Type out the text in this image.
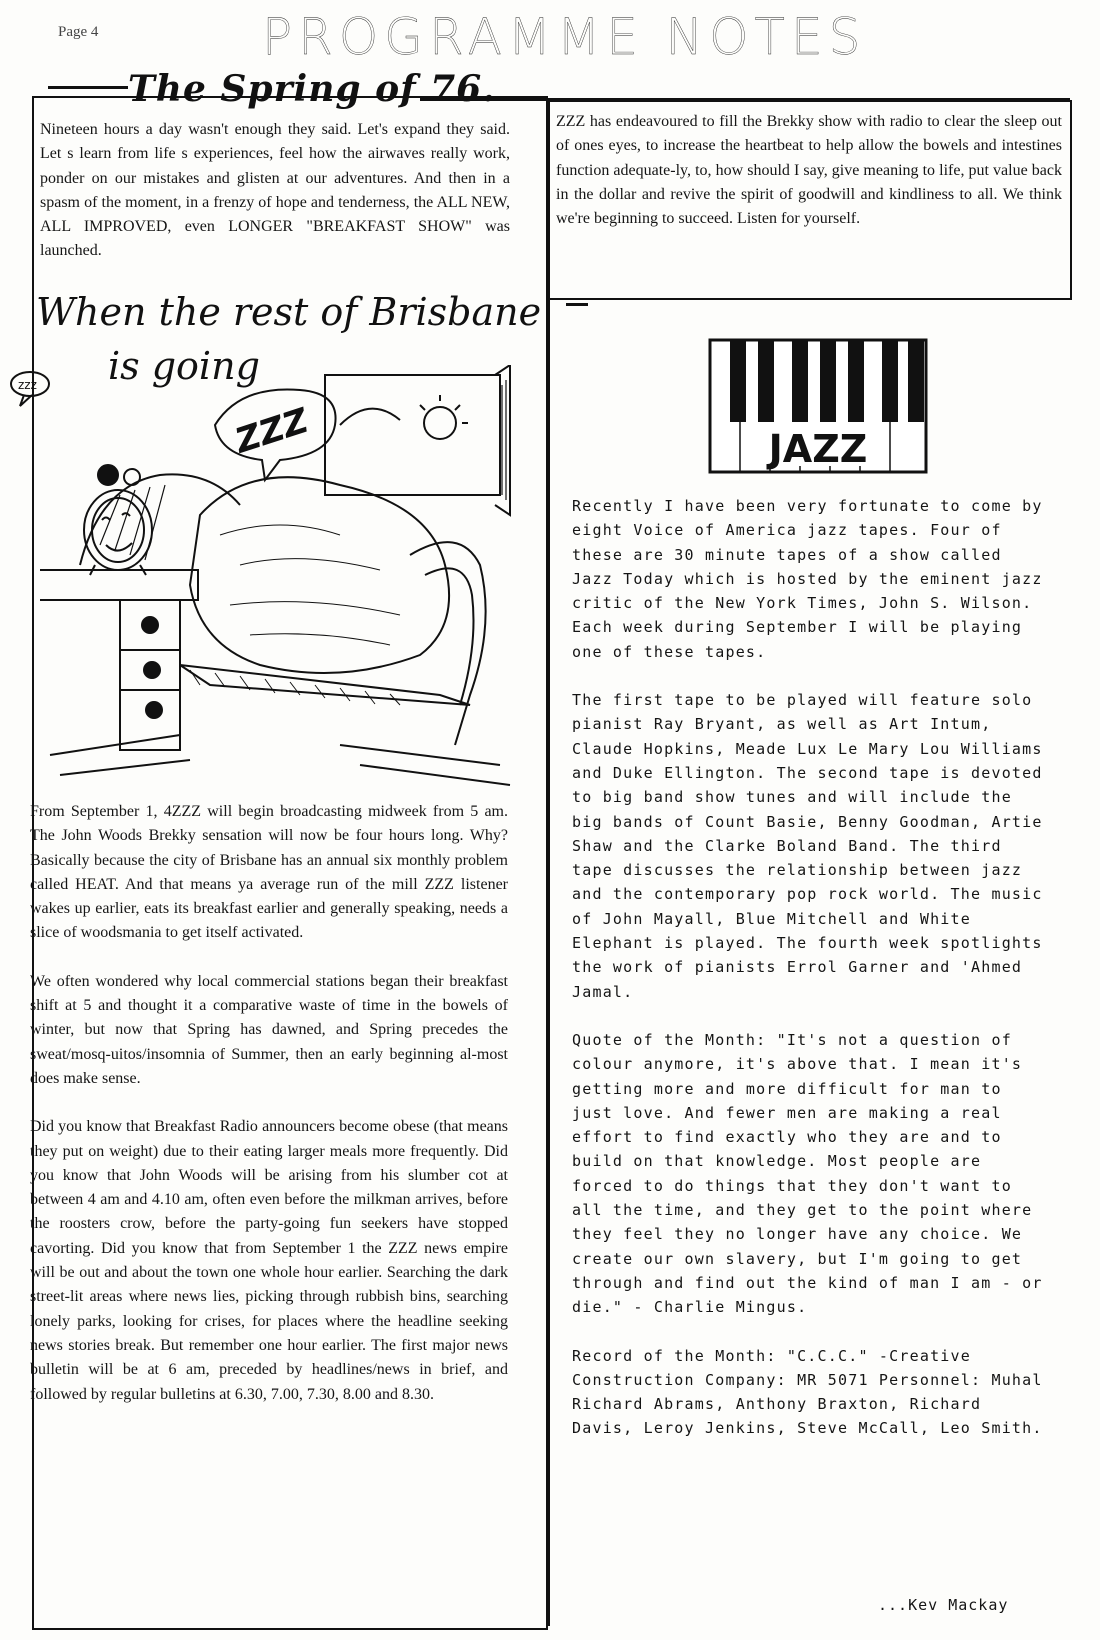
Page 4	PROGRAMME NOTES
The Spring of 76.
Nineteen hours a day wasn't enough they said. Let's expand they said. Let s learn from life s experiences, feel how the airwaves really work, ponder on our mistakes and glisten at our adventures. And then in a spasm of the moment, in a frenzy of hope and tenderness, the ALL NEW, ALL IMPROVED, even LONGER "BREAKFAST SHOW" was launched.
When the rest of Brisbane
is going
zzz
ZZZ

From September 1, 4ZZZ will begin broadcasting midweek from 5 am. The John Woods Brekky sensation will now be four hours long. Why? Basically because the city of Brisbane has an annual six monthly problem called HEAT. And that means ya average run of the mill ZZZ listener wakes up earlier, eats its breakfast earlier and generally speaking, needs a slice of woodsmania to get itself activated.

We often wondered why local commercial stations began their breakfast shift at 5 and thought it a comparative waste of time in the bowels of winter, but now that Spring has dawned, and Spring precedes the sweat/mosq-uitos/insomnia of Summer, then an early beginning al-most does make sense.

Did you know that Breakfast Radio announcers become obese (that means they put on weight) due to their eating larger meals more frequently. Did you know that John Woods will be arising from his slumber cot at between 4 am and 4.10 am, often even before the milkman arrives, before the roosters crow, before the party-going fun seekers have stopped cavorting. Did you know that from September 1 the ZZZ news empire will be out and about the town one whole hour earlier. Searching the dark street-lit areas where news lies, picking through rubbish bins, searching lonely parks, looking for crises, for places where the headline seeking news stories break. But remember one hour earlier. The first major news bulletin will be at 6 am, preceded by headlines/news in brief, and followed by regular bulletins at 6.30, 7.00, 7.30, 8.00 and 8.30.

ZZZ has endeavoured to fill the Brekky show with radio to clear the sleep out of ones eyes, to increase the heartbeat to help allow the bowels and intestines function adequate-ly, to, how should I say, give meaning to life, put value back in the dollar and revive the spirit of goodwill and kindliness to all. We think we're beginning to succeed. Listen for yourself.
JAZZ

Recently I have been very fortunate to come by eight Voice of America jazz tapes. Four of these are 30 minute tapes of a show called Jazz Today which is hosted by the eminent jazz critic of the New York Times, John S. Wilson. Each week during September I will be playing one of these tapes.

The first tape to be played will feature solo pianist Ray Bryant, as well as Art Intum, Claude Hopkins, Meade Lux Le Mary Lou Williams and Duke Ellington. The second tape is devoted to big band show tunes and will include the big bands of Count Basie, Benny Goodman, Artie Shaw and the Clarke Boland Band. The third tape discusses the relationship between jazz and the contemporary pop rock world. The music of John Mayall, Blue Mitchell and White Elephant is played. The fourth week spotlights the work of pianists Errol Garner and 'Ahmed Jamal.

Quote of the Month: "It's not a question of colour anymore, it's above that. I mean it's getting more and more difficult for man to just love. And fewer men are making a real effort to find exactly who they are and to build on that knowledge. Most people are forced to do things that they don't want to all the time, and they get to the point where they feel they no longer have any choice. We create our own slavery, but I'm going to get through and find out the kind of man I am - or die." - Charlie Mingus.

Record of the Month: "C.C.C." -Creative Construction Company: MR 5071 Personnel: Muhal Richard Abrams, Anthony Braxton, Richard Davis, Leroy Jenkins, Steve McCall, Leo Smith.

...Kev Mackay
